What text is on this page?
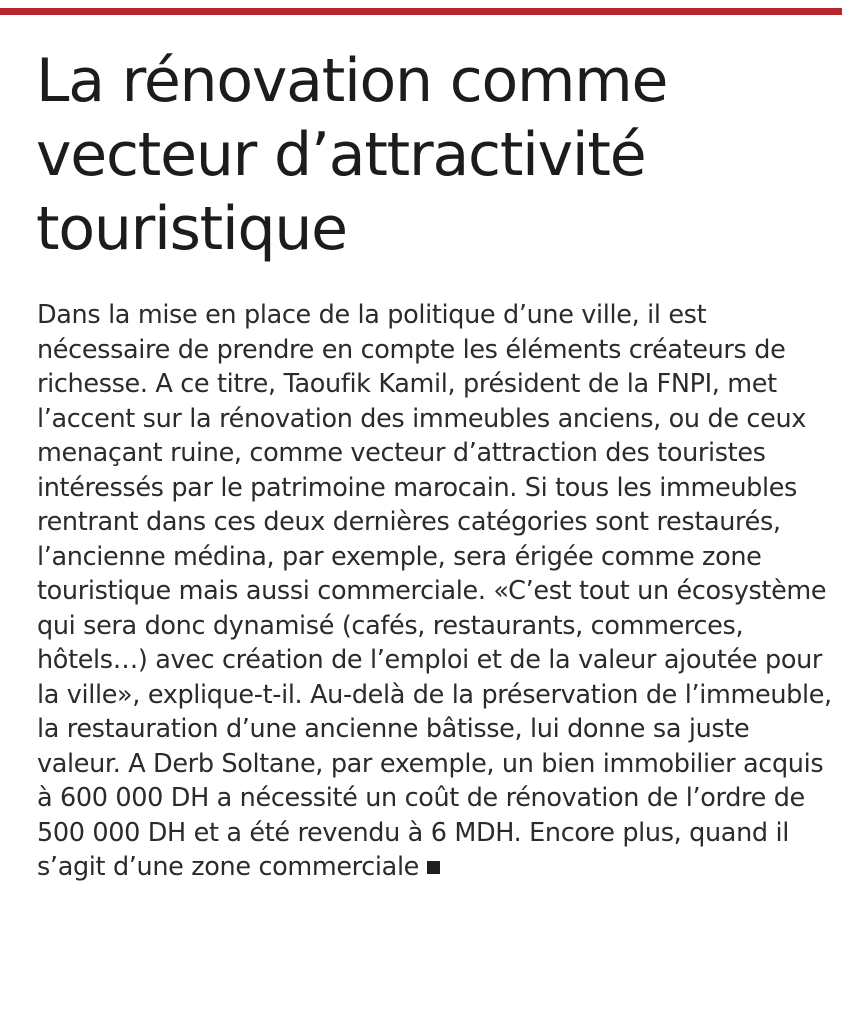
La rénovation comme vecteur d’attractivité touristique

Dans la mise en place de la politique d’une ville, il est nécessaire de prendre en compte les éléments créateurs de richesse. A ce titre, Taoufik Kamil, président de la FNPI, met l’accent sur la rénovation des immeubles anciens, ou de ceux menaçant ruine, comme vecteur d’attraction des touristes intéressés par le patrimoine marocain. Si tous les immeubles rentrant dans ces deux dernières catégories sont restaurés, l’ancienne médina, par exemple, sera érigée comme zone touristique mais aussi commerciale. «C’est tout un écosystème qui sera donc dynamisé (cafés, restaurants, commerces, hôtels…) avec création de l’emploi et de la valeur ajoutée pour la ville», explique-t-il. Au-delà de la préservation de l’immeuble, la restauration d’une ancienne bâtisse, lui donne sa juste valeur. A Derb Soltane, par exemple, un bien immobilier acquis à 600 000 DH a nécessité un coût de rénovation de l’ordre de 500 000 DH et a été revendu à 6 MDH. Encore plus, quand il s’agit d’une zone commerciale
